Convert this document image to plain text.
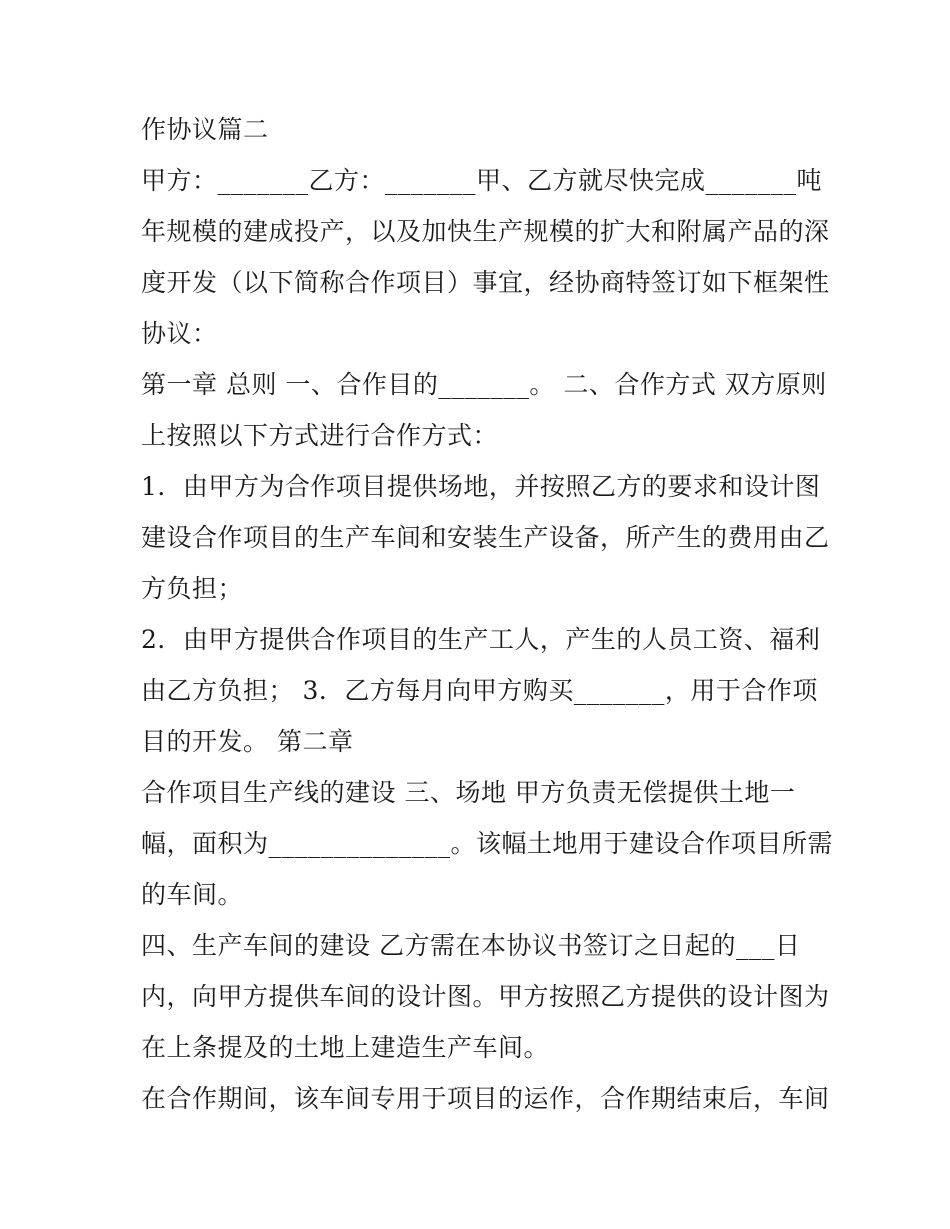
作协议篇二
甲方：_______乙方：_______甲、乙方就尽快完成_______吨
年规模的建成投产，以及加快生产规模的扩大和附属产品的深
度开发（以下简称合作项目）事宜，经协商特签订如下框架性
协议：
第一章 总则 一、合作目的_______。 二、合作方式 双方原则
上按照以下方式进行合作方式：
1．由甲方为合作项目提供场地，并按照乙方的要求和设计图
建设合作项目的生产车间和安装生产设备，所产生的费用由乙
方负担；
2．由甲方提供合作项目的生产工人，产生的人员工资、福利
由乙方负担； 3．乙方每月向甲方购买_______，用于合作项
目的开发。 第二章
合作项目生产线的建设 三、场地 甲方负责无偿提供土地一
幅，面积为______________。该幅土地用于建设合作项目所需
的车间。
四、生产车间的建设 乙方需在本协议书签订之日起的___日
内，向甲方提供车间的设计图。甲方按照乙方提供的设计图为
在上条提及的土地上建造生产车间。
在合作期间，该车间专用于项目的运作，合作期结束后，车间
